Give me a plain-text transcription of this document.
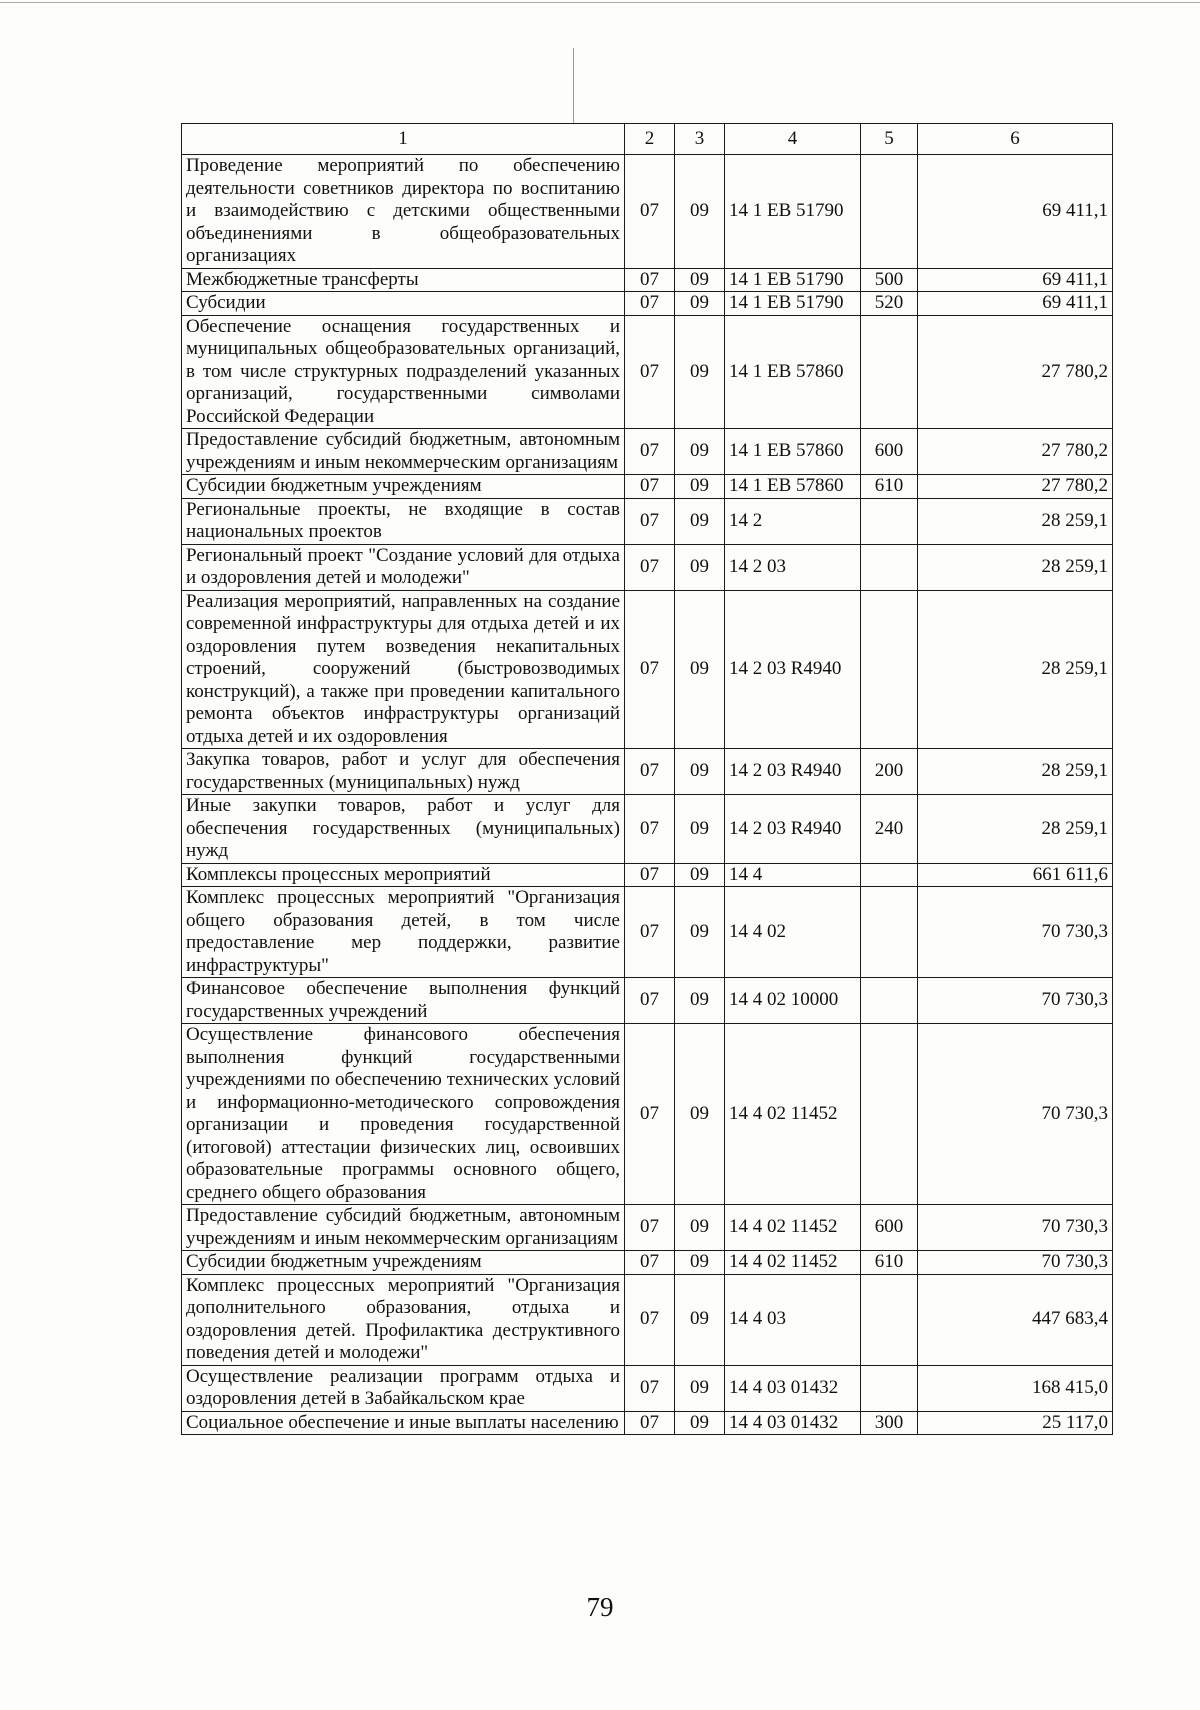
1	2	3	4	5	6
Проведение мероприятий по обеспечению деятельности советников директора по воспитанию и взаимодействию с детскими общественными объединениями в общеобразовательных организациях	07	09	14 1 ЕВ 51790		69 411,1
Межбюджетные трансферты	07	09	14 1 ЕВ 51790	500	69 411,1
Субсидии	07	09	14 1 ЕВ 51790	520	69 411,1
Обеспечение оснащения государственных и муниципальных общеобразовательных организаций, в том числе структурных подразделений указанных организаций, государственными символами Российской Федерации	07	09	14 1 ЕВ 57860		27 780,2
Предоставление субсидий бюджетным, автономным учреждениям и иным некоммерческим организациям	07	09	14 1 ЕВ 57860	600	27 780,2
Субсидии бюджетным учреждениям	07	09	14 1 ЕВ 57860	610	27 780,2
Региональные проекты, не входящие в состав национальных проектов	07	09	14 2		28 259,1
Региональный проект "Создание условий для отдыха и оздоровления детей и молодежи"	07	09	14 2 03		28 259,1
Реализация мероприятий, направленных на создание современной инфраструктуры для отдыха детей и их оздоровления путем возведения некапитальных строений, сооружений (быстровозводимых конструкций), а также при проведении капитального ремонта объектов инфраструктуры организаций отдыха детей и их оздоровления	07	09	14 2 03 R4940		28 259,1
Закупка товаров, работ и услуг для обеспечения государственных (муниципальных) нужд	07	09	14 2 03 R4940	200	28 259,1
Иные закупки товаров, работ и услуг для обеспечения государственных (муниципальных) нужд	07	09	14 2 03 R4940	240	28 259,1
Комплексы процессных мероприятий	07	09	14 4		661 611,6
Комплекс процессных мероприятий "Организация общего образования детей, в том числе предоставление мер поддержки, развитие инфраструктуры"	07	09	14 4 02		70 730,3
Финансовое обеспечение выполнения функций государственных учреждений	07	09	14 4 02 10000		70 730,3
Осуществление финансового обеспечения выполнения функций государственными учреждениями по обеспечению технических условий и информационно-методического сопровождения организации и проведения государственной (итоговой) аттестации физических лиц, освоивших образовательные программы основного общего, среднего общего образования	07	09	14 4 02 11452		70 730,3
Предоставление субсидий бюджетным, автономным учреждениям и иным некоммерческим организациям	07	09	14 4 02 11452	600	70 730,3
Субсидии бюджетным учреждениям	07	09	14 4 02 11452	610	70 730,3
Комплекс процессных мероприятий "Организация дополнительного образования, отдыха и оздоровления детей. Профилактика деструктивного поведения детей и молодежи"	07	09	14 4 03		447 683,4
Осуществление реализации программ отдыха и оздоровления детей в Забайкальском крае	07	09	14 4 03 01432		168 415,0
Социальное обеспечение и иные выплаты населению	07	09	14 4 03 01432	300	25 117,0
79
